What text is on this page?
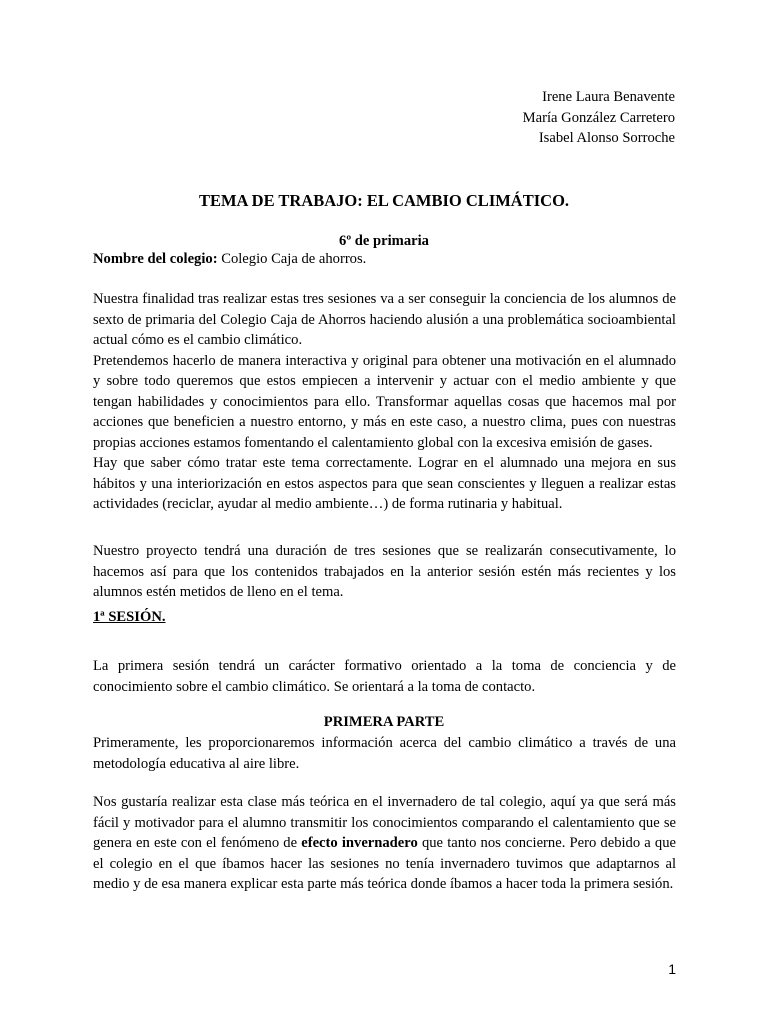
Irene Laura Benavente
María González Carretero
Isabel Alonso Sorroche
TEMA DE TRABAJO: EL CAMBIO CLIMÁTICO.
6º de primaria
Nombre del colegio: Colegio Caja de ahorros.

Nuestra finalidad tras realizar estas tres sesiones va a ser conseguir la conciencia de los alumnos de sexto de primaria del Colegio Caja de Ahorros haciendo alusión a una problemática socioambiental actual cómo es el cambio climático.

Pretendemos hacerlo de manera interactiva y original para obtener una motivación en el alumnado y sobre todo queremos que estos empiecen a intervenir y actuar con el medio ambiente y que tengan habilidades y conocimientos para ello. Transformar aquellas cosas que hacemos mal por acciones que beneficien a nuestro entorno, y más en este caso, a nuestro clima, pues con nuestras propias acciones estamos fomentando el calentamiento global con la excesiva emisión de gases.

Hay que saber cómo tratar este tema correctamente. Lograr en el alumnado una mejora en sus hábitos y una interiorización en estos aspectos para que sean conscientes y lleguen a realizar estas actividades (reciclar, ayudar al medio ambiente…) de forma rutinaria y habitual.

Nuestro proyecto tendrá una duración de tres sesiones que se realizarán consecutivamente, lo hacemos así para que los contenidos trabajados en la anterior sesión estén más recientes y los alumnos estén metidos de lleno en el tema.

1ª SESIÓN.

La primera sesión tendrá un carácter formativo orientado a la toma de conciencia y de conocimiento sobre el cambio climático. Se orientará a la toma de contacto.

PRIMERA PARTE

Primeramente, les proporcionaremos información acerca del cambio climático a través de una metodología educativa al aire libre.

Nos gustaría realizar esta clase más teórica en el invernadero de tal colegio, aquí ya que será más fácil y motivador para el alumno transmitir los conocimientos comparando el calentamiento que se genera en este con el fenómeno de efecto invernadero que tanto nos concierne. Pero debido a que el colegio en el que íbamos hacer las sesiones no tenía invernadero tuvimos que adaptarnos al medio y de esa manera explicar esta parte más teórica donde íbamos a hacer toda la primera sesión.

1
